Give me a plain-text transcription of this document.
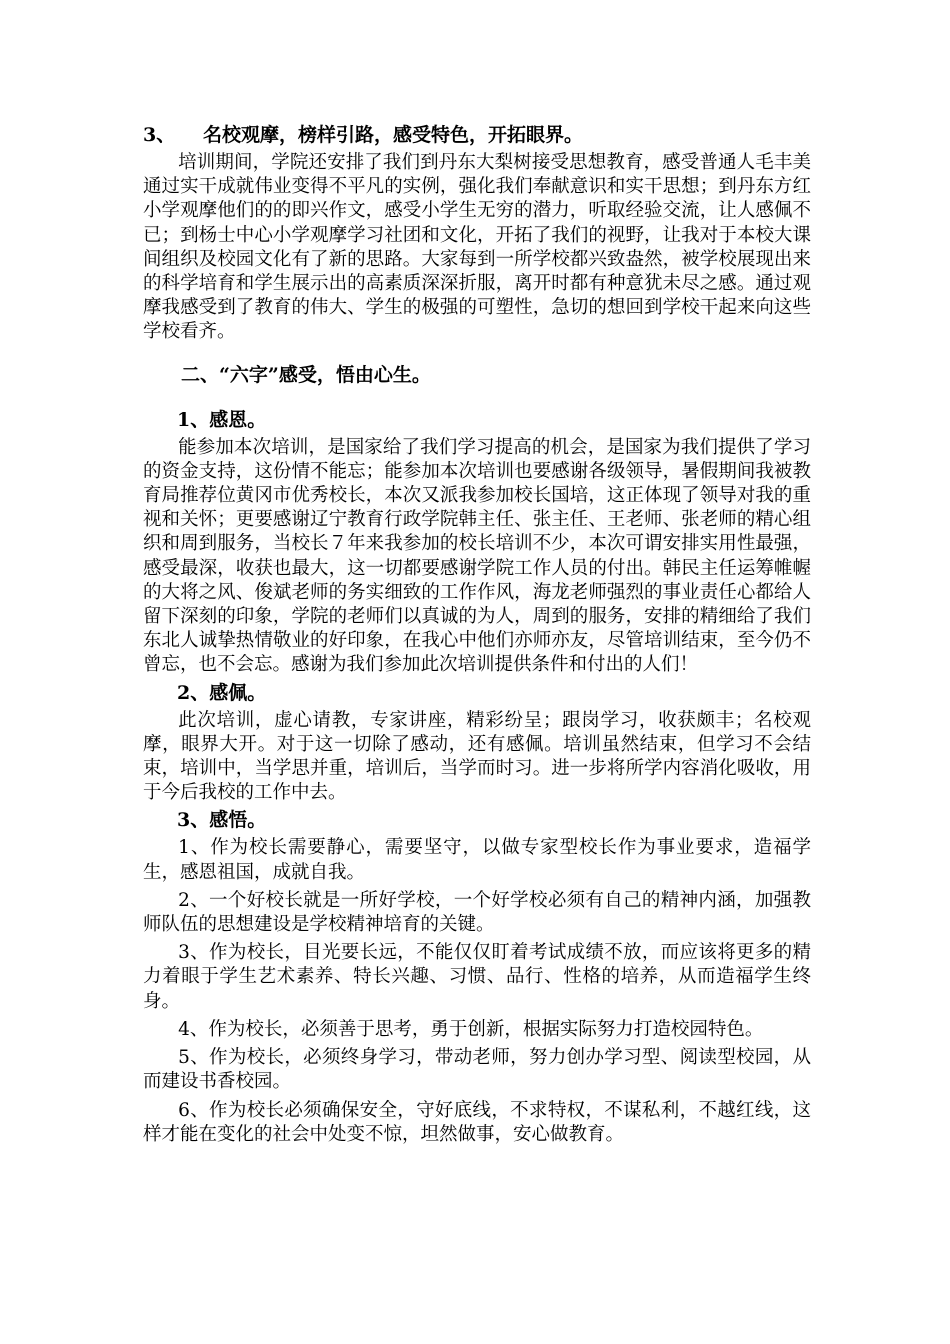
3、 名校观摩，榜样引路，感受特色，开拓眼界。

培训期间，学院还安排了我们到丹东大梨树接受思想教育，感受普通人毛丰美通过实干成就伟业变得不平凡的实例，强化我们奉献意识和实干思想；到丹东方红小学观摩他们的的即兴作文，感受小学生无穷的潜力，听取经验交流，让人感佩不已；到杨士中心小学观摩学习社团和文化，开拓了我们的视野，让我对于本校大课间组织及校园文化有了新的思路。大家每到一所学校都兴致盎然，被学校展现出来的科学培育和学生展示出的高素质深深折服，离开时都有种意犹未尽之感。通过观摩我感受到了教育的伟大、学生的极强的可塑性，急切的想回到学校干起来向这些学校看齐。

二、“六字”感受，悟由心生。
1、感恩。

能参加本次培训，是国家给了我们学习提高的机会，是国家为我们提供了学习的资金支持，这份情不能忘；能参加本次培训也要感谢各级领导，暑假期间我被教育局推荐位黄冈市优秀校长，本次又派我参加校长国培，这正体现了领导对我的重视和关怀；更要感谢辽宁教育行政学院韩主任、张主任、王老师、张老师的精心组织和周到服务，当校长７年来我参加的校长培训不少，本次可谓安排实用性最强，感受最深，收获也最大，这一切都要感谢学院工作人员的付出。韩民主任运筹帷幄的大将之风、俊斌老师的务实细致的工作作风，海龙老师强烈的事业责任心都给人留下深刻的印象，学院的老师们以真诚的为人，周到的服务，安排的精细给了我们东北人诚挚热情敬业的好印象，在我心中他们亦师亦友，尽管培训结束，至今仍不曾忘，也不会忘。感谢为我们参加此次培训提供条件和付出的人们！

2、感佩。

此次培训，虚心请教，专家讲座，精彩纷呈；跟岗学习，收获颇丰；名校观摩，眼界大开。对于这一切除了感动，还有感佩。培训虽然结束，但学习不会结束，培训中，当学思并重，培训后，当学而时习。进一步将所学内容消化吸收，用于今后我校的工作中去。

3、感悟。

1、作为校长需要静心，需要坚守，以做专家型校长作为事业要求，造福学生，感恩祖国，成就自我。

2、一个好校长就是一所好学校，一个好学校必须有自己的精神内涵，加强教师队伍的思想建设是学校精神培育的关键。

3、作为校长，目光要长远，不能仅仅盯着考试成绩不放，而应该将更多的精力着眼于学生艺术素养、特长兴趣、习惯、品行、性格的培养，从而造福学生终身。

4、作为校长，必须善于思考，勇于创新，根据实际努力打造校园特色。

5、作为校长，必须终身学习，带动老师，努力创办学习型、阅读型校园，从而建设书香校园。

6、作为校长必须确保安全，守好底线，不求特权，不谋私利，不越红线，这样才能在变化的社会中处变不惊，坦然做事，安心做教育。
